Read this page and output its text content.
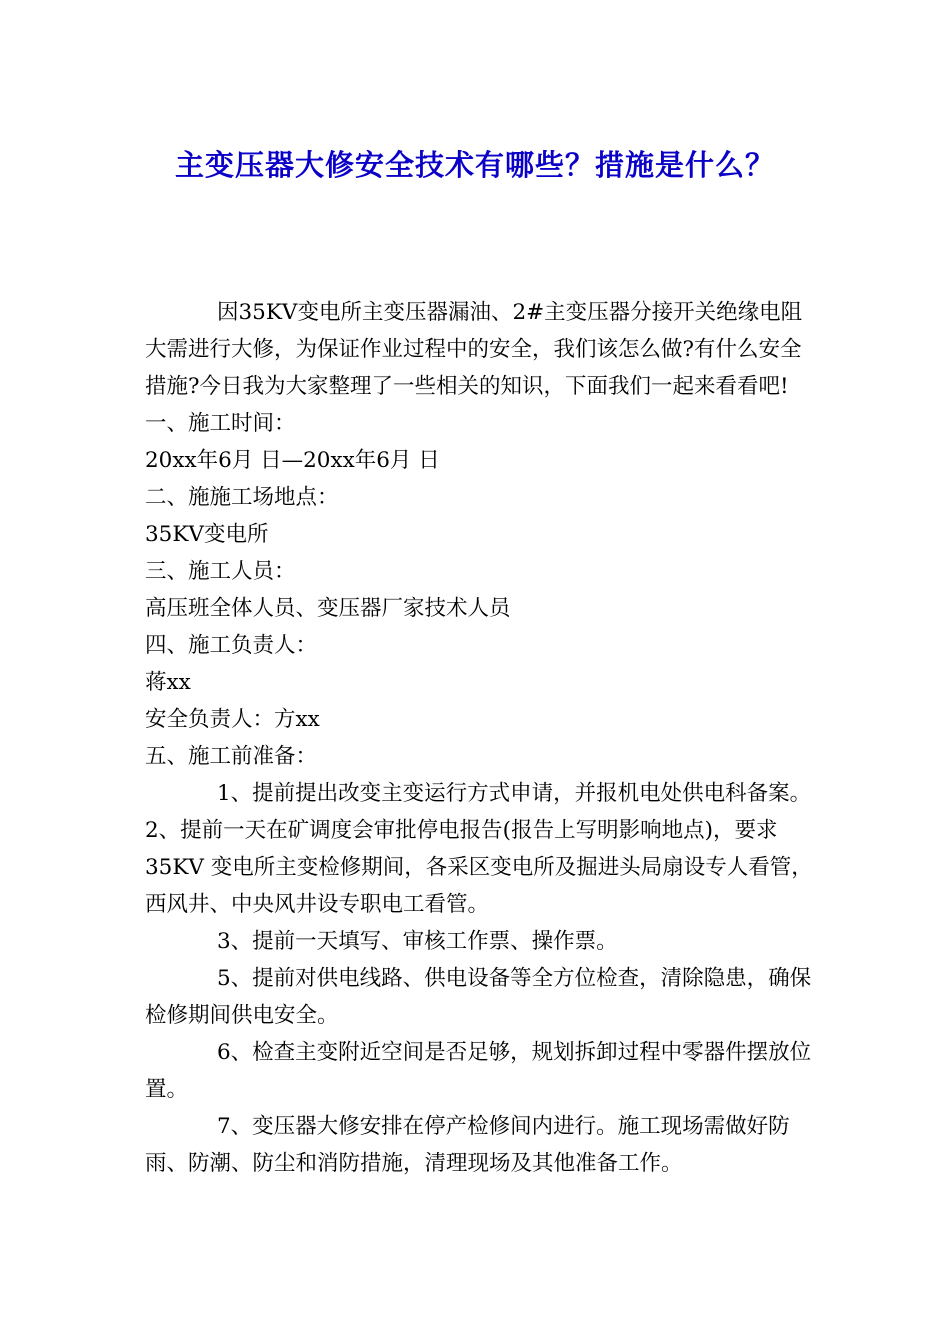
主变压器大修安全技术有哪些？措施是什么？

因35KV变电所主变压器漏油、2#主变压器分接开关绝缘电阻大需进行大修，为保证作业过程中的安全，我们该怎么做?有什么安全措施?今日我为大家整理了一些相关的知识，下面我们一起来看看吧!

一、施工时间：

20xx年6月 日—20xx年6月 日

二、施施工场地点：

35KV变电所

三、施工人员：

高压班全体人员、变压器厂家技术人员

四、施工负责人：

蒋xx

安全负责人：方xx

五、施工前准备：

1、提前提出改变主变运行方式申请，并报机电处供电科备案。 2、提前一天在矿调度会审批停电报告(报告上写明影响地点)，要求35KV 变电所主变检修期间，各采区变电所及掘进头局扇设专人看管，西风井、中央风井设专职电工看管。

3、提前一天填写、审核工作票、操作票。

5、提前对供电线路、供电设备等全方位检查，清除隐患，确保检修期间供电安全。

6、检查主变附近空间是否足够，规划拆卸过程中零器件摆放位置。

7、变压器大修安排在停产检修间内进行。施工现场需做好防雨、防潮、防尘和消防措施，清理现场及其他准备工作。
